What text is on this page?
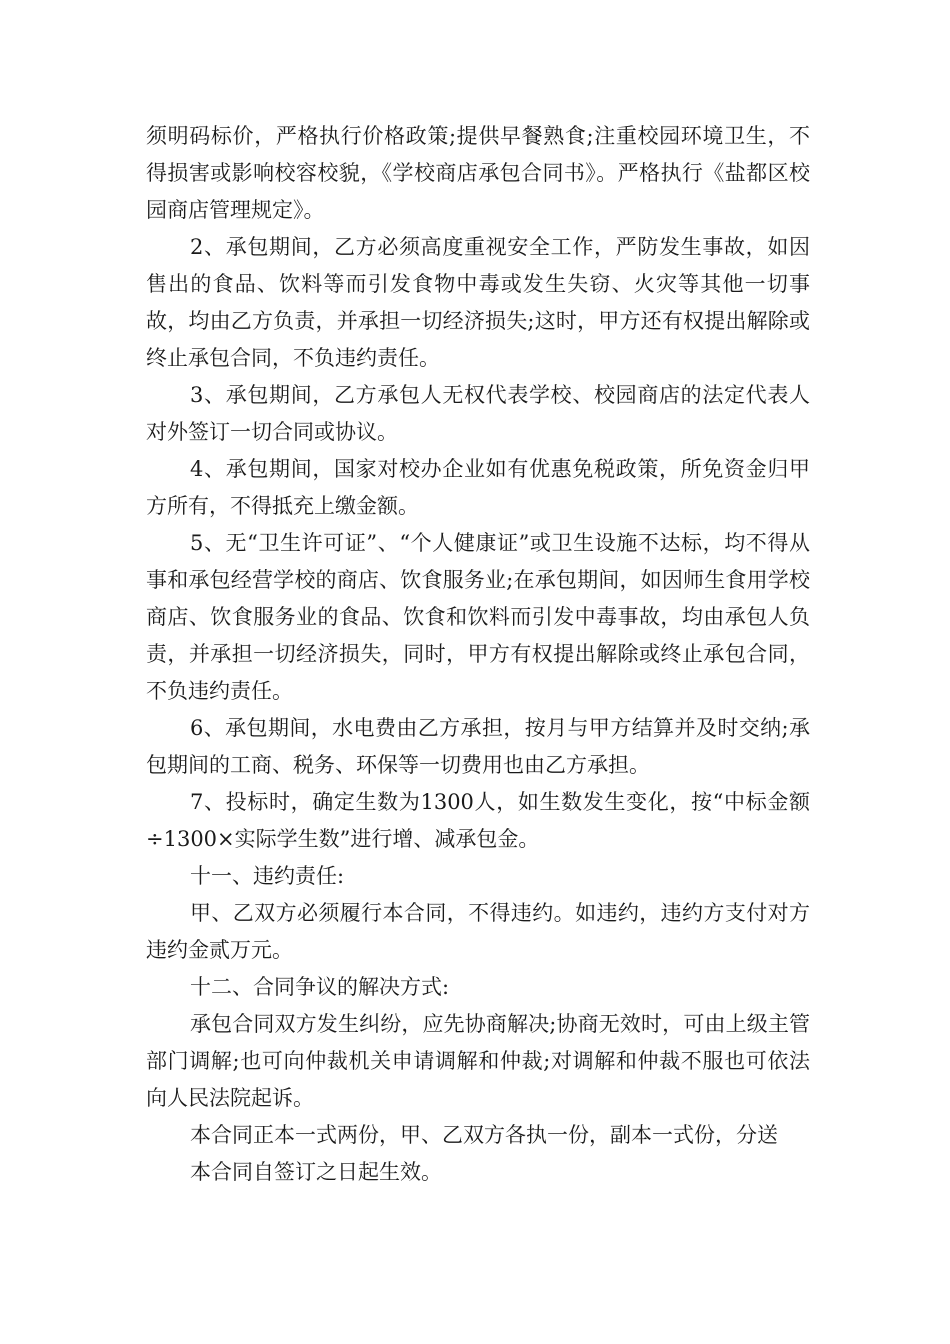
须明码标价，严格执行价格政策;提供早餐熟食;注重校园环境卫生，不得损害或影响校容校貌，《学校商店承包合同书》。严格执行《盐都区校园商店管理规定》。

2、承包期间，乙方必须高度重视安全工作，严防发生事故，如因售出的食品、饮料等而引发食物中毒或发生失窃、火灾等其他一切事故，均由乙方负责，并承担一切经济损失;这时，甲方还有权提出解除或终止承包合同，不负违约责任。

3、承包期间，乙方承包人无权代表学校、校园商店的法定代表人对外签订一切合同或协议。

4、承包期间，国家对校办企业如有优惠免税政策，所免资金归甲方所有，不得抵充上缴金额。

5、无“卫生许可证”、“个人健康证”或卫生设施不达标，均不得从事和承包经营学校的商店、饮食服务业;在承包期间，如因师生食用学校商店、饮食服务业的食品、饮食和饮料而引发中毒事故，均由承包人负责，并承担一切经济损失，同时，甲方有权提出解除或终止承包合同，不负违约责任。

6、承包期间，水电费由乙方承担，按月与甲方结算并及时交纳;承包期间的工商、税务、环保等一切费用也由乙方承担。

7、投标时，确定生数为1300人，如生数发生变化，按“中标金额÷1300×实际学生数”进行增、减承包金。

十一、违约责任:

甲、乙双方必须履行本合同，不得违约。如违约，违约方支付对方违约金贰万元。

十二、合同争议的解决方式:

承包合同双方发生纠纷，应先协商解决;协商无效时，可由上级主管部门调解;也可向仲裁机关申请调解和仲裁;对调解和仲裁不服也可依法向人民法院起诉。

本合同正本一式两份，甲、乙双方各执一份，副本一式份，分送

本合同自签订之日起生效。
